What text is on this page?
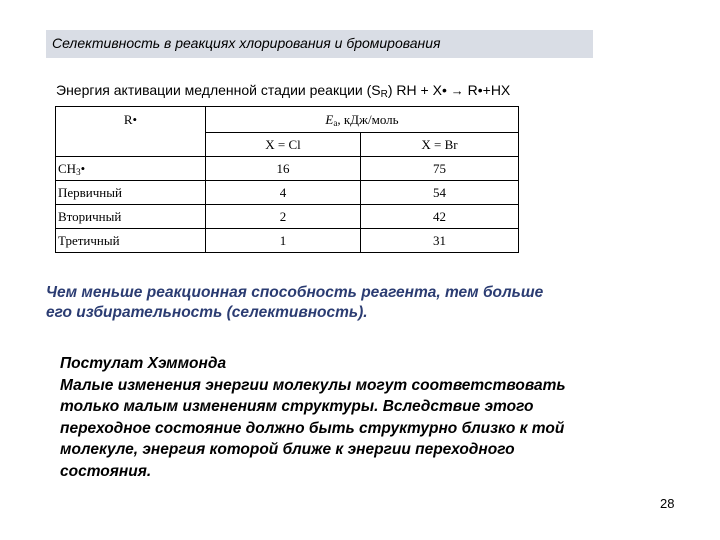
Селективность в реакциях хлорирования и бромирования
Энергия активации медленной стадии реакции $(S_R)$ RH + X• → R•+HX
R•	$E_a$, кДж/моль	
	X = Cl	X = Br
$CH_3•$	16	75
Первичный	4	54
Вторичный	2	42
Третичный	1	31
Чем меньше реакционная способность реагента, тем больше
его избирательность (селективность).
Постулат Хэммонда
Малые изменения энергии молекулы могут соответствовать
только малым изменениям структуры. Вследствие этого
переходное состояние должно быть структурно близко к той
молекуле, энергия которой ближе к энергии переходного
состояния.
28
